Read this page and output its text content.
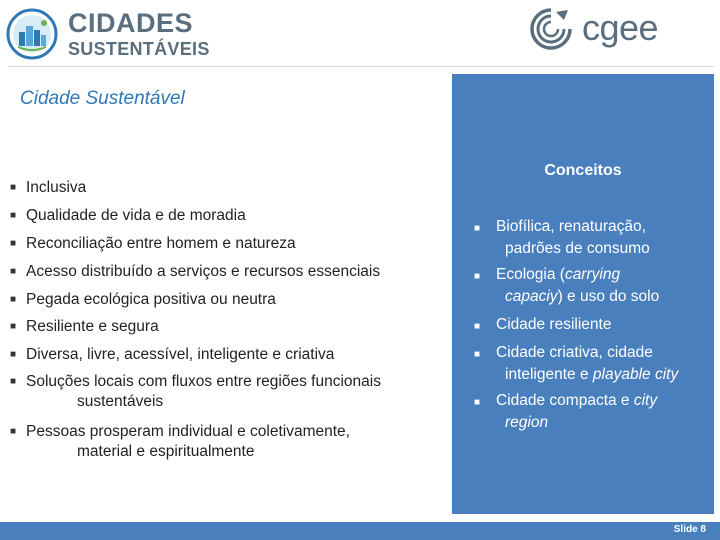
CIDADES
SUSTENTÁVEIS
cgee
Cidade Sustentável
■ Inclusiva
■ Qualidade de vida e de moradia
■ Reconciliação entre homem e natureza
■ Acesso distribuído a serviços e recursos essenciais
■ Pegada ecológica positiva ou neutra
■ Resiliente e segura
■ Diversa, livre, acessível, inteligente e criativa
■ Soluções locais com fluxos entre regiões funcionais
sustentáveis
■ Pessoas prosperam individual e coletivamente,
material e espiritualmente
Conceitos
■	Biofílica, renaturação,
padrões de consumo
■	Ecologia (carrying
capaciy) e uso do solo
■	Cidade resiliente
■	Cidade criativa, cidade
inteligente e playable city
■	Cidade compacta e city
region
Slide 8
